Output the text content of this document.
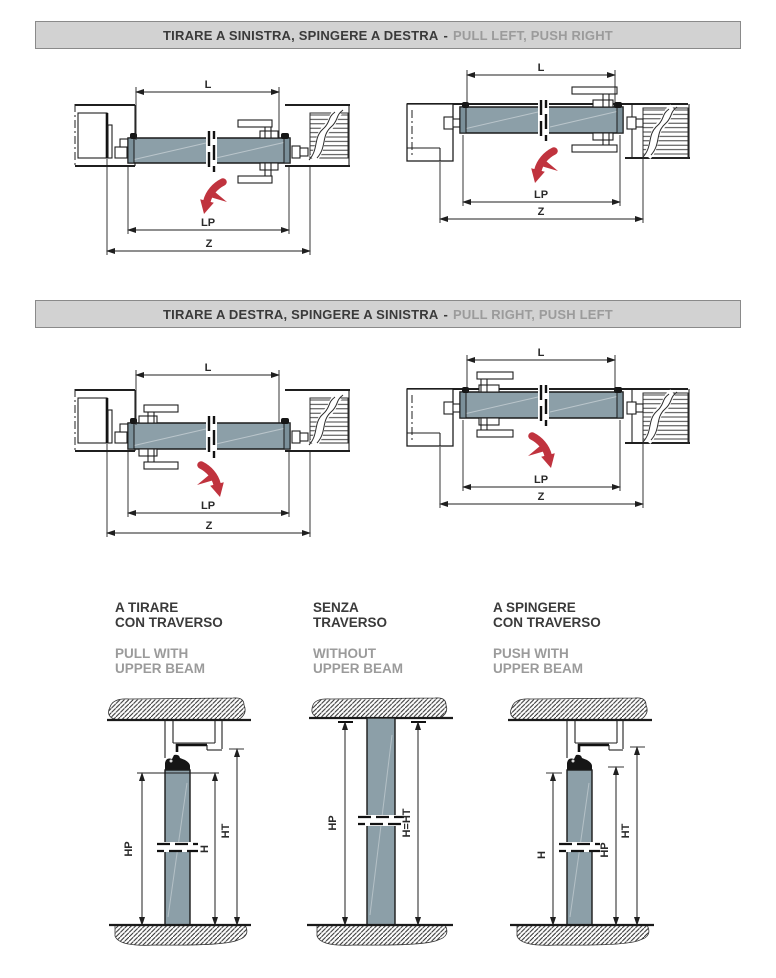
TIRARE A SINISTRA, SPINGERE A DESTRA - PULL LEFT, PUSH RIGHT
L
LP
Z
L
LP
Z
TIRARE A DESTRA, SPINGERE A SINISTRA - PULL RIGHT, PUSH LEFT
L
LP
Z
L
LP
Z
A TIRARE
CON TRAVERSO
PULL WITH
UPPER BEAM
SENZA
TRAVERSO
WITHOUT
UPPER BEAM
A SPINGERE
CON TRAVERSO
PUSH WITH
UPPER BEAM
HP	H
HT
HP	H=HT
H	HP
HT
